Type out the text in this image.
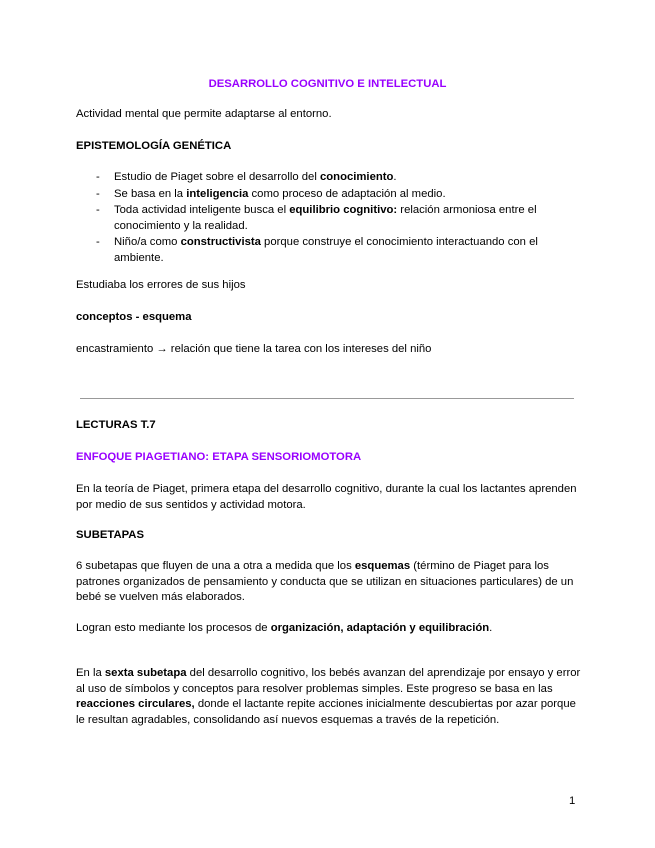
DESARROLLO COGNITIVO E INTELECTUAL

Actividad mental que permite adaptarse al entorno.

EPISTEMOLOGÍA GENÉTICA
- Estudio de Piaget sobre el desarrollo del conocimiento.
- Se basa en la inteligencia como proceso de adaptación al medio.
- Toda actividad inteligente busca el equilibrio cognitivo: relación armoniosa entre el conocimiento y la realidad.
- Niño/a como constructivista porque construye el conocimiento interactuando con el ambiente.

Estudiaba los errores de sus hijos

conceptos - esquema

encastramiento → relación que tiene la tarea con los intereses del niño

LECTURAS T.7
ENFOQUE PIAGETIANO: ETAPA SENSORIOMOTORA

En la teoría de Piaget, primera etapa del desarrollo cognitivo, durante la cual los lactantes aprenden por medio de sus sentidos y actividad motora.

SUBETAPAS

6 subetapas que fluyen de una a otra a medida que los esquemas (término de Piaget para los patrones organizados de pensamiento y conducta que se utilizan en situaciones particulares) de un bebé se vuelven más elaborados.

Logran esto mediante los procesos de organización, adaptación y equilibración.

En la sexta subetapa del desarrollo cognitivo, los bebés avanzan del aprendizaje por ensayo y error al uso de símbolos y conceptos para resolver problemas simples. Este progreso se basa en las reacciones circulares, donde el lactante repite acciones inicialmente descubiertas por azar porque le resultan agradables, consolidando así nuevos esquemas a través de la repetición.

1
